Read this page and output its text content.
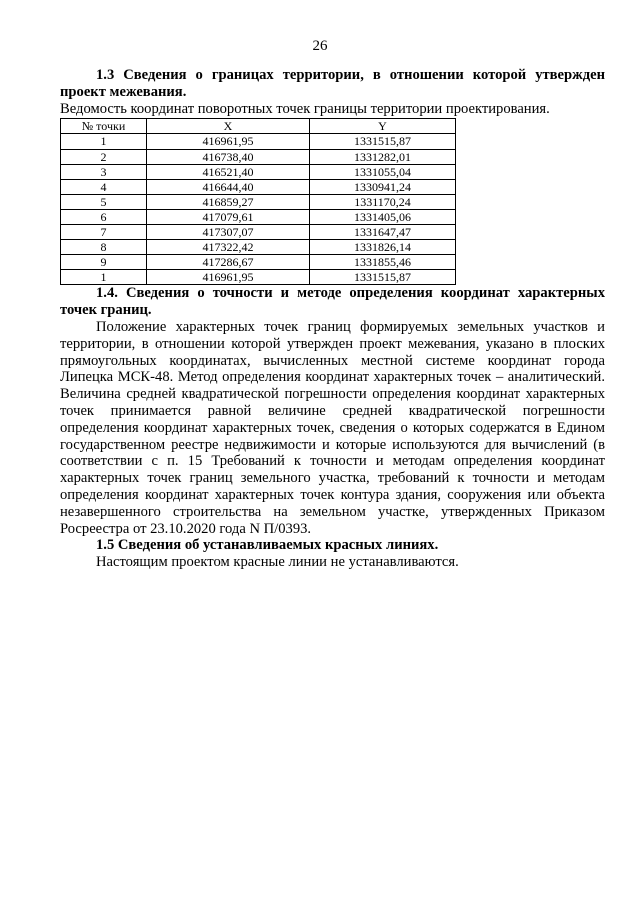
26

1.3 Сведения о границах территории, в отношении которой утвержден проект межевания.

Ведомость координат поворотных точек границы территории проектирования.

№ точки	X	Y
1	416961,95	1331515,87
2	416738,40	1331282,01
3	416521,40	1331055,04
4	416644,40	1330941,24
5	416859,27	1331170,24
6	417079,61	1331405,06
7	417307,07	1331647,47
8	417322,42	1331826,14
9	417286,67	1331855,46
1	416961,95	1331515,87

1.4. Сведения о точности и методе определения координат характерных точек границ.

Положение характерных точек границ формируемых земельных участков и территории, в отношении которой утвержден проект межевания, указано в плоских прямоугольных координатах, вычисленных местной системе координат города Липецка МСК-48. Метод определения координат характерных точек – аналитический. Величина средней квадратической погрешности определения координат характерных точек принимается равной величине средней квадратической погрешности определения координат характерных точек, сведения о которых содержатся в Едином государственном реестре недвижимости и которые используются для вычислений (в соответствии с п. 15 Требований к точности и методам определения координат характерных точек границ земельного участка, требований к точности и методам определения координат характерных точек контура здания, сооружения или объекта незавершенного строительства на земельном участке, утвержденных Приказом Росреестра от 23.10.2020 года N П/0393.

1.5 Сведения об устанавливаемых красных линиях.

Настоящим проектом красные линии не устанавливаются.
